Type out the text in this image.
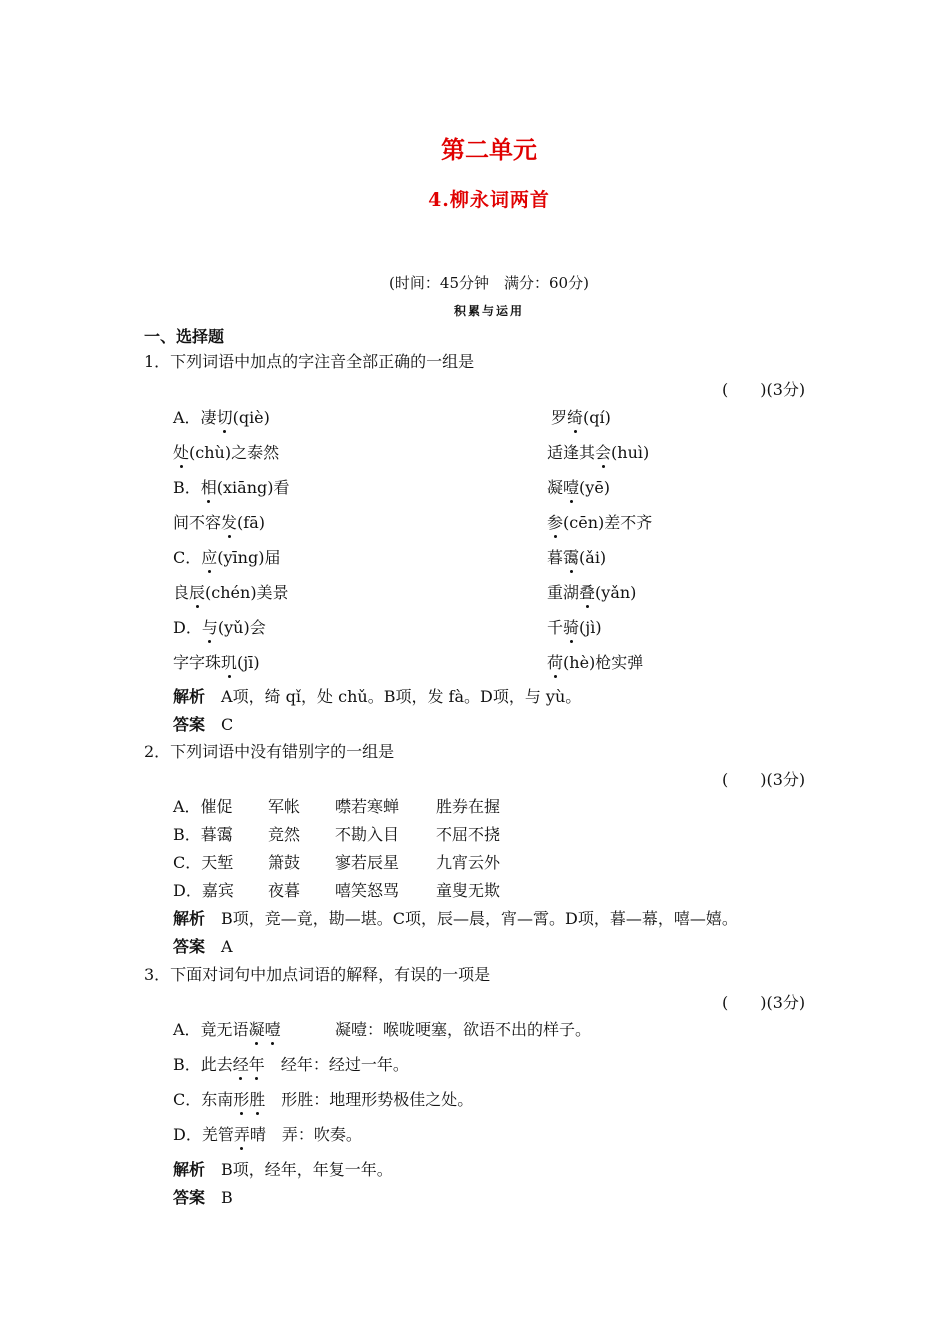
第二单元
4.柳永词两首
(时间：45分钟　满分：60分)
积累与运用
一、选择题
1．下列词语中加点的字注音全部正确的一组是
(　　)(3分)
A．凄切(qiè)	罗绮(qí)
处(chù)之泰然	适逢其会(huì)
B．相(xiāng)看	凝噎(yē)
间不容发(fā)	参(cēn)差不齐
C．应(yīng)届	暮霭(ǎi)
良辰(chén)美景	重湖叠(yǎn)
D．与(yǔ)会	千骑(jì)
字字珠玑(jī)	荷(hè)枪实弹
解析　 A项，绮 qǐ，处 chǔ。B项，发 fà。D项，与 yù。
答案　 C
2．下列词语中没有错别字的一组是
(　　)(3分)
A．催促 军帐 噤若寒蝉 胜券在握
B．暮霭 竞然 不勘入目 不屈不挠
C．天堑 箫鼓 寥若辰星 九宵云外
D．嘉宾 夜暮 嘻笑怒骂 童叟无欺
解析　 B项，竞—竟，勘—堪。C项，辰—晨，宵—霄。D项，暮—幕，嘻—嬉。
答案　 A
3．下面对词句中加点词语的解释，有误的一项是
(　　)(3分)
A．竟无语凝噎	凝噎：喉咙哽塞，欲语不出的样子。
B．此去经年　 经年：经过一年。
C．东南形胜　 形胜：地理形势极佳之处。
D．羌管弄晴　 弄：吹奏。
解析　 B项，经年，年复一年。
答案　 B
